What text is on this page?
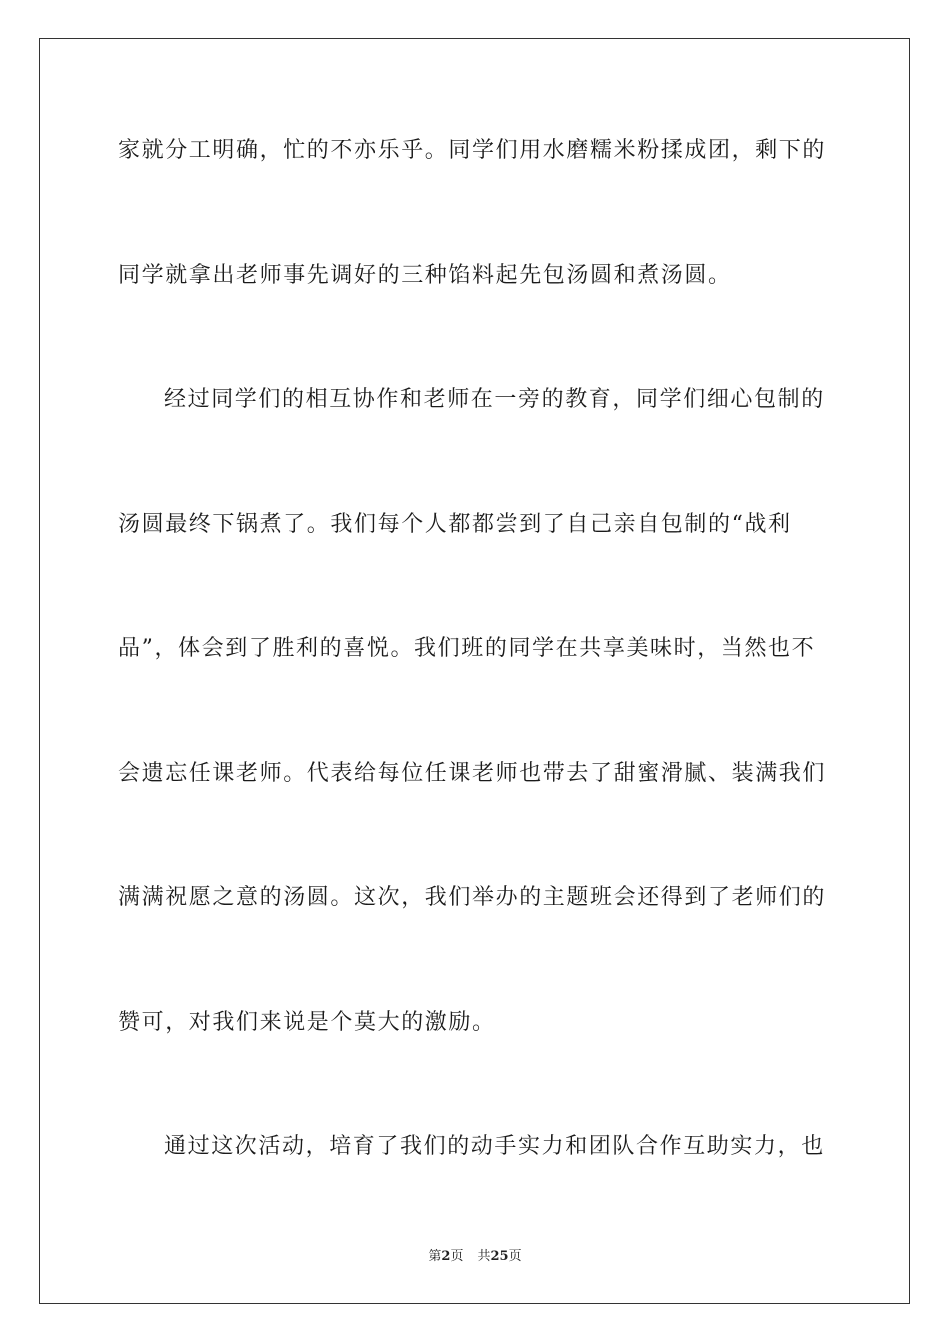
家就分工明确，忙的不亦乐乎。同学们用水磨糯米粉揉成团，剩下的
同学就拿出老师事先调好的三种馅料起先包汤圆和煮汤圆。
经过同学们的相互协作和老师在一旁的教育，同学们细心包制的
汤圆最终下锅煮了。我们每个人都都尝到了自己亲自包制的“战利
品”，体会到了胜利的喜悦。我们班的同学在共享美味时，当然也不
会遗忘任课老师。代表给每位任课老师也带去了甜蜜滑腻、装满我们
满满祝愿之意的汤圆。这次，我们举办的主题班会还得到了老师们的
赞可，对我们来说是个莫大的激励。
通过这次活动，培育了我们的动手实力和团队合作互助实力，也
第2页 共25页
